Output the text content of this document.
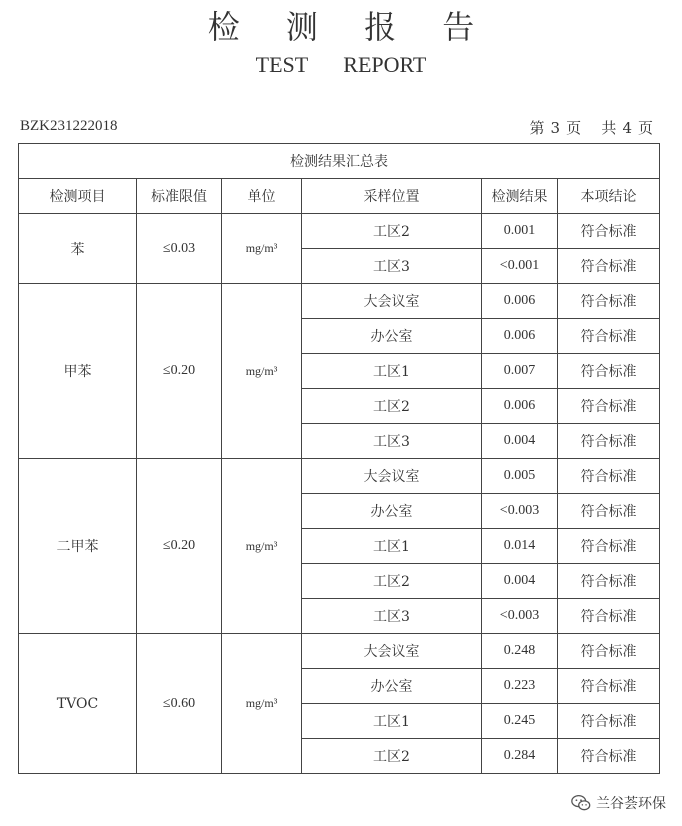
检 测 报 告
TEST REPORT
BZK231222018	第 3 页 共 4 页
检测结果汇总表					
检测项目	标准限值	单位	采样位置	检测结果	本项结论
苯	≤0.03	mg/m³	工区2	0.001	符合标准
			工区3	<0.001	符合标准
甲苯	≤0.20	mg/m³	大会议室	0.006	符合标准
			办公室	0.006	符合标准
			工区1	0.007	符合标准
			工区2	0.006	符合标准
			工区3	0.004	符合标准
二甲苯	≤0.20	mg/m³	大会议室	0.005	符合标准
			办公室	<0.003	符合标准
			工区1	0.014	符合标准
			工区2	0.004	符合标准
			工区3	<0.003	符合标准
TVOC	≤0.60	mg/m³	大会议室	0.248	符合标准
			办公室	0.223	符合标准
			工区1	0.245	符合标准
			工区2	0.284	符合标准
兰谷荟环保
